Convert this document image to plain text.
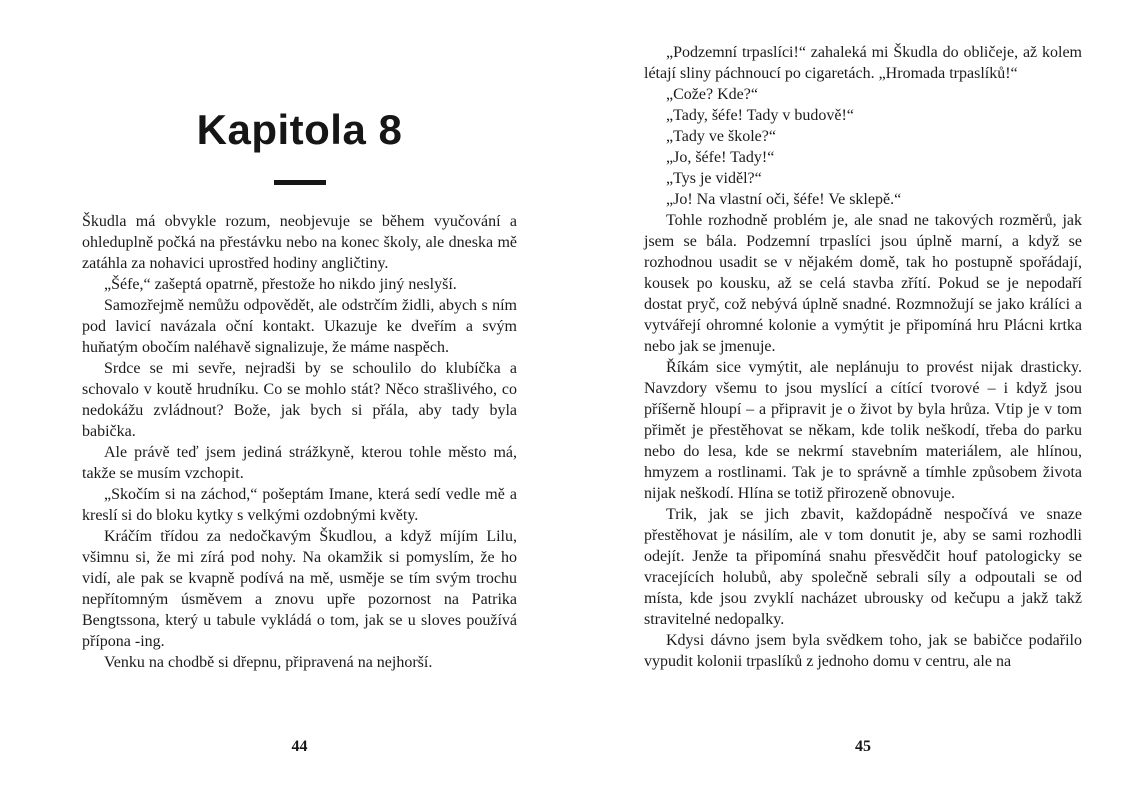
Kapitola 8

Škudla má obvykle rozum, neobjevuje se během vyučování a ohleduplně počká na přestávku nebo na konec školy, ale dneska mě zatáhla za nohavici uprostřed hodiny angličtiny.

„Šéfe,“ zašeptá opatrně, přestože ho nikdo jiný neslyší.

Samozřejmě nemůžu odpovědět, ale odstrčím židli, abych s ním pod lavicí navázala oční kontakt. Ukazuje ke dveřím a svým huňatým obočím naléhavě signalizuje, že máme naspěch.

Srdce se mi sevře, nejradši by se schoulilo do klubíčka a schovalo v koutě hrudníku. Co se mohlo stát? Něco strašlivého, co nedokážu zvládnout? Bože, jak bych si přála, aby tady byla babička.

Ale právě teď jsem jediná strážkyně, kterou tohle město má, takže se musím vzchopit.

„Skočím si na záchod,“ pošeptám Imane, která sedí vedle mě a kreslí si do bloku kytky s velkými ozdobnými květy.

Kráčím třídou za nedočkavým Škudlou, a když míjím Lilu, všimnu si, že mi zírá pod nohy. Na okamžik si pomyslím, že ho vidí, ale pak se kvapně podívá na mě, usměje se tím svým trochu nepřítomným úsměvem a znovu upře pozornost na Patrika Bengtssona, který u tabule vykládá o tom, jak se u sloves používá přípona -ing.

Venku na chodbě si dřepnu, připravená na nejhorší.

44

„Podzemní trpaslíci!“ zahaleká mi Škudla do obličeje, až kolem létají sliny páchnoucí po cigaretách. „Hromada trpaslíků!“

„Cože? Kde?“

„Tady, šéfe! Tady v budově!“

„Tady ve škole?“

„Jo, šéfe! Tady!“

„Tys je viděl?“

„Jo! Na vlastní oči, šéfe! Ve sklepě.“

Tohle rozhodně problém je, ale snad ne takových rozměrů, jak jsem se bála. Podzemní trpaslíci jsou úplně marní, a když se rozhodnou usadit se v nějakém domě, tak ho postupně spořádají, kousek po kousku, až se celá stavba zřítí. Pokud se je nepodaří dostat pryč, což nebývá úplně snadné. Rozmnožují se jako králíci a vytvářejí ohromné kolonie a vymýtit je připomíná hru Plácni krtka nebo jak se jmenuje.

Říkám sice vymýtit, ale neplánuju to provést nijak drasticky. Navzdory všemu to jsou myslící a cítící tvorové – i když jsou příšerně hloupí – a připravit je o život by byla hrůza. Vtip je v tom přimět je přestěhovat se někam, kde tolik neškodí, třeba do parku nebo do lesa, kde se nekrmí stavebním materiálem, ale hlínou, hmyzem a rostlinami. Tak je to správně a tímhle způsobem života nijak neškodí. Hlína se totiž přirozeně obnovuje.

Trik, jak se jich zbavit, každopádně nespočívá ve snaze přestěhovat je násilím, ale v tom donutit je, aby se sami rozhodli odejít. Jenže ta připomíná snahu přesvědčit houf patologicky se vracejících holubů, aby společně sebrali síly a odpoutali se od místa, kde jsou zvyklí nacházet ubrousky od kečupu a jakž takž stravitelné nedopalky.

Kdysi dávno jsem byla svědkem toho, jak se babičce podařilo vypudit kolonii trpaslíků z jednoho domu v centru, ale na

45
